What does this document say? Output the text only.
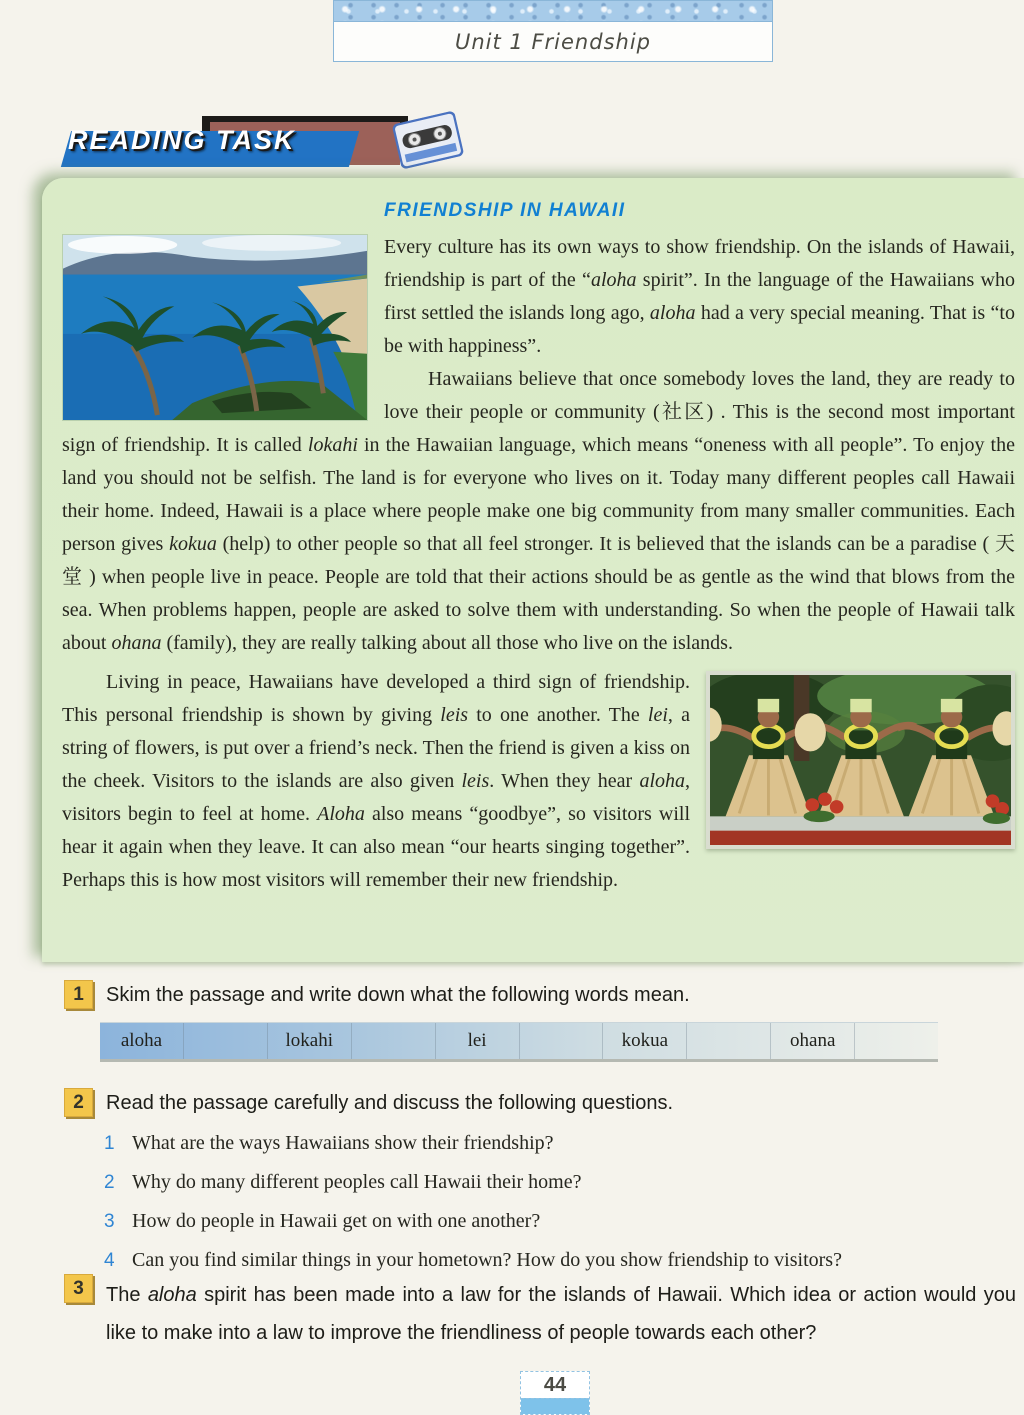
Unit 1 Friendship
READING TASK
FRIENDSHIP IN HAWAII

Every culture has its own ways to show friendship. On the islands of Hawaii, friendship is part of the “aloha spirit”. In the language of the Hawaiians who first settled the islands long ago, aloha had a very special meaning. That is “to be with happiness”.

Hawaiians believe that once somebody loves the land, they are ready to love their people or community (社区) . This is the second most important sign of friendship. It is called lokahi in the Hawaiian language, which means “oneness with all people”. To enjoy the land you should not be selfish. The land is for everyone who lives on it. Today many different peoples call Hawaii their home. Indeed, Hawaii is a place where people make one big community from many smaller communities. Each person gives kokua (help) to other people so that all feel stronger. It is believed that the islands can be a paradise ( 天堂 ) when people live in peace. People are told that their actions should be as gentle as the wind that blows from the sea. When problems happen, people are asked to solve them with understanding. So when the people of Hawaii talk about ohana (family), they are really talking about all those who live on the islands.

Living in peace, Hawaiians have developed a third sign of friendship. This personal friendship is shown by giving leis to one another. The lei, a string of flowers, is put over a friend’s neck. Then the friend is given a kiss on the cheek. Visitors to the islands are also given leis. When they hear aloha, visitors begin to feel at home. Aloha also means “goodbye”, so visitors will hear it again when they leave. It can also mean “our hearts singing together”. Perhaps this is how most visitors will remember their new friendship.

1	Skim the passage and write down what the following words mean.
aloha	lokahi	lei	kokua	ohana
2	Read the passage carefully and discuss the following questions.
1 What are the ways Hawaiians show their friendship?
2 Why do many different peoples call Hawaii their home?
3 How do people in Hawaii get on with one another?
4 Can you find similar things in your hometown? How do you show friendship to visitors?
3	The aloha spirit has been made into a law for the islands of Hawaii. Which idea or action would you like to make into a law to improve the friendliness of people towards each other?
44
